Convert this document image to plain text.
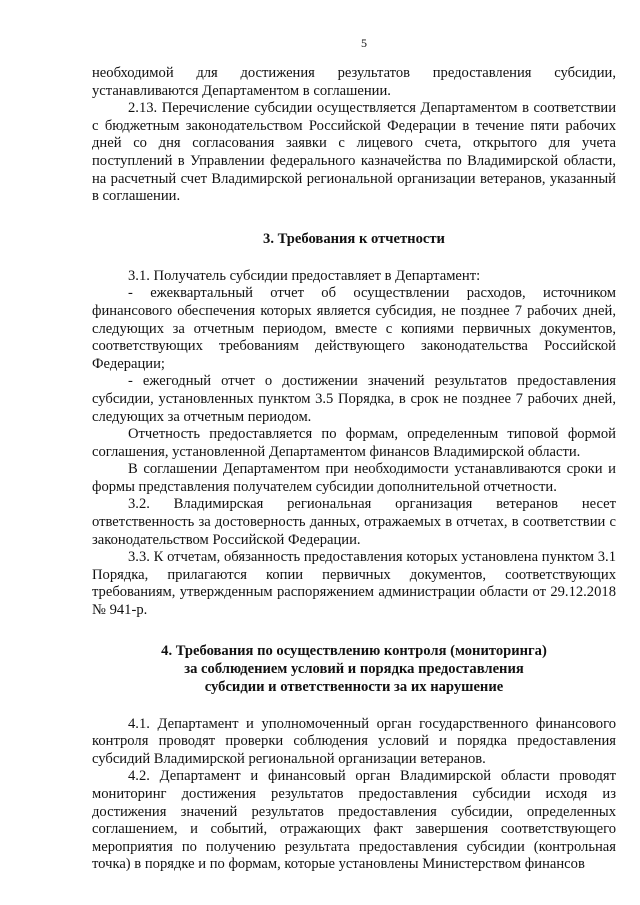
5

необходимой для достижения результатов предоставления субсидии, устанавливаются Департаментом в соглашении.

2.13. Перечисление субсидии осуществляется Департаментом в соответствии с бюджетным законодательством Российской Федерации в течение пяти рабочих дней со дня согласования заявки с лицевого счета, открытого для учета поступлений в Управлении федерального казначейства по Владимирской области, на расчетный счет Владимирской региональной организации ветеранов, указанный в соглашении.

3. Требования к отчетности

3.1. Получатель субсидии предоставляет в Департамент:

- ежеквартальный отчет об осуществлении расходов, источником финансового обеспечения которых является субсидия, не позднее 7 рабочих дней, следующих за отчетным периодом, вместе с копиями первичных документов, соответствующих требованиям действующего законодательства Российской Федерации;

- ежегодный отчет о достижении значений результатов предоставления субсидии, установленных пунктом 3.5 Порядка, в срок не позднее 7 рабочих дней, следующих за отчетным периодом.

Отчетность предоставляется по формам, определенным типовой формой соглашения, установленной Департаментом финансов Владимирской области.

В соглашении Департаментом при необходимости устанавливаются сроки и формы представления получателем субсидии дополнительной отчетности.

3.2. Владимирская региональная организация ветеранов несет ответственность за достоверность данных, отражаемых в отчетах, в соответствии с законодательством Российской Федерации.

3.3. К отчетам, обязанность предоставления которых установлена пунктом 3.1 Порядка, прилагаются копии первичных документов, соответствующих требованиям, утвержденным распоряжением администрации области от 29.12.2018 № 941-р.

4. Требования по осуществлению контроля (мониторинга)
за соблюдением условий и порядка предоставления
субсидии и ответственности за их нарушение

4.1. Департамент и уполномоченный орган государственного финансового контроля проводят проверки соблюдения условий и порядка предоставления субсидий Владимирской региональной организации ветеранов.

4.2. Департамент и финансовый орган Владимирской области проводят мониторинг достижения результатов предоставления субсидии исходя из достижения значений результатов предоставления субсидии, определенных соглашением, и событий, отражающих факт завершения соответствующего мероприятия по получению результата предоставления субсидии (контрольная точка) в порядке и по формам, которые установлены Министерством финансов
